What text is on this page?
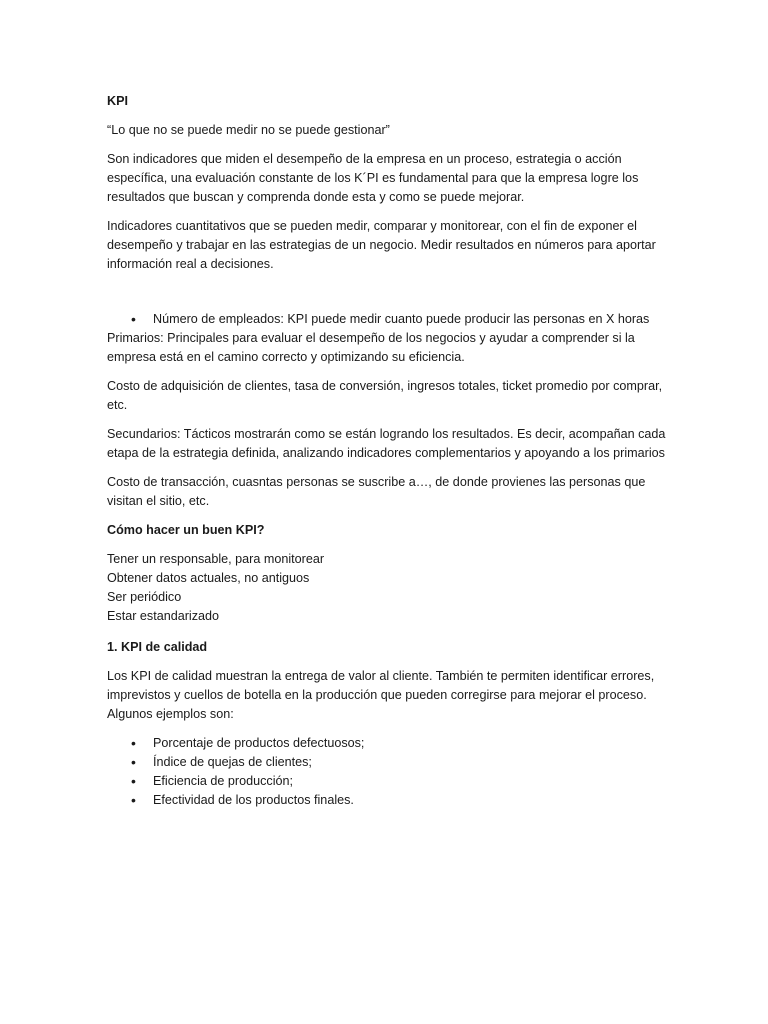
KPI

“Lo que no se puede medir no se puede gestionar”

Son indicadores que miden el desempeño de la empresa en un proceso, estrategia o acción específica, una evaluación constante de los K´PI es fundamental para que la empresa logre los resultados que buscan y comprenda donde esta y como se puede mejorar.

Indicadores cuantitativos que se pueden medir, comparar y monitorear, con el fin de exponer el desempeño y trabajar en las estrategias de un negocio. Medir resultados en números para aportar información real a decisiones.

• Número de empleados: KPI puede medir cuanto puede producir las personas en X horas

Primarios: Principales para evaluar el desempeño de los negocios y ayudar a comprender si la empresa está en el camino correcto y optimizando su eficiencia.

Costo de adquisición de clientes, tasa de conversión, ingresos totales, ticket promedio por comprar, etc.

Secundarios: Tácticos mostrarán como se están logrando los resultados. Es decir, acompañan cada etapa de la estrategia definida, analizando indicadores complementarios y apoyando a los primarios

Costo de transacción, cuasntas personas se suscribe a…, de donde provienes las personas que visitan el sitio, etc.

Cómo hacer un buen KPI?

Tener un responsable, para monitorear
Obtener datos actuales, no antiguos
Ser periódico
Estar estandarizado

1. KPI de calidad

Los KPI de calidad muestran la entrega de valor al cliente. También te permiten identificar errores, imprevistos y cuellos de botella en la producción que pueden corregirse para mejorar el proceso. Algunos ejemplos son:

• Porcentaje de productos defectuosos;
• Índice de quejas de clientes;
• Eficiencia de producción;
• Efectividad de los productos finales.
